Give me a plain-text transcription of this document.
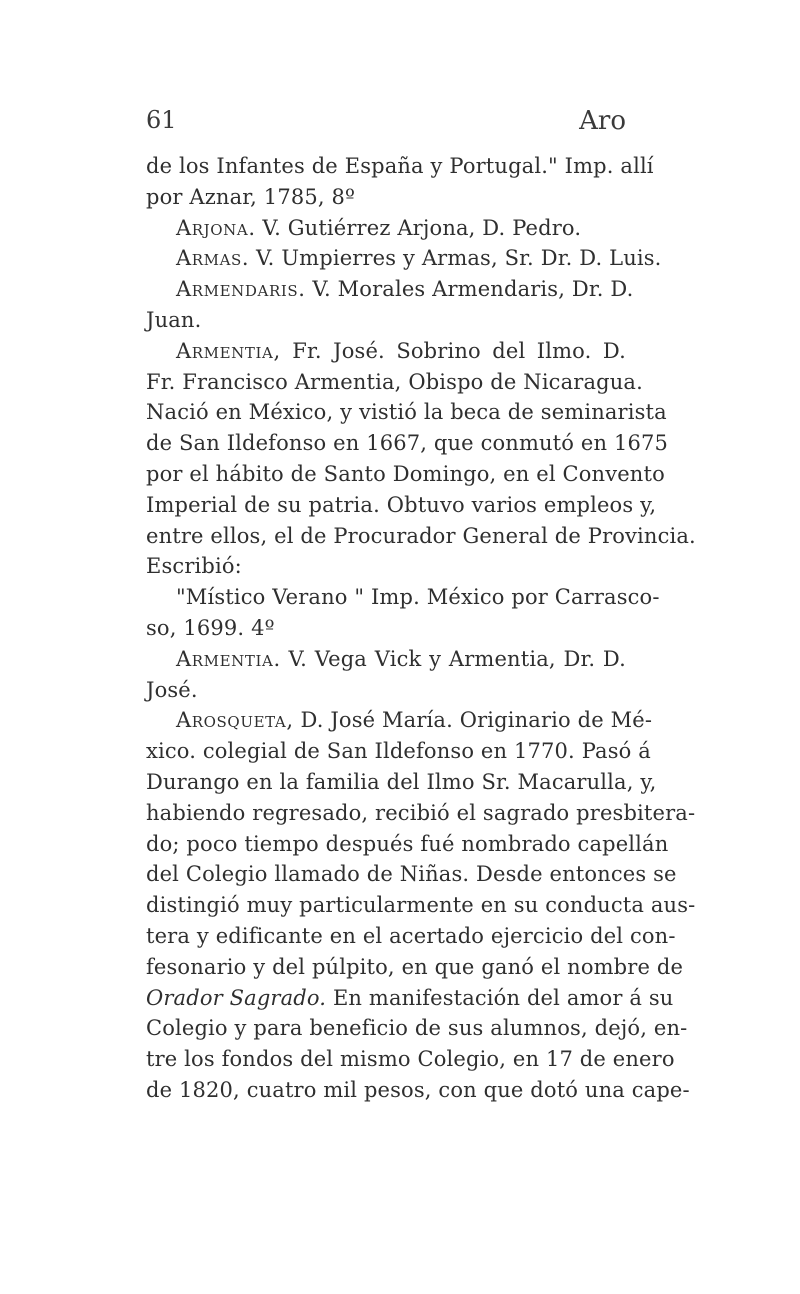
61	Aro
de los Infantes de España y Portugal." Imp. allí
por Aznar, 1785, 8º
Arjona. V. Gutiérrez Arjona, D. Pedro.
Armas. V. Umpierres y Armas, Sr. Dr. D. Luis.
Armendaris. V. Morales Armendaris, Dr. D.
Juan.
Armentia, Fr. José. Sobrino del Ilmo. D.
Fr. Francisco Armentia, Obispo de Nicaragua.
Nació en México, y vistió la beca de seminarista
de San Ildefonso en 1667, que conmutó en 1675
por el hábito de Santo Domingo, en el Convento
Imperial de su patria. Obtuvo varios empleos y,
entre ellos, el de Procurador General de Provincia.
Escribió:
"Místico Verano " Imp. México por Carrasco-
so, 1699. 4º
Armentia. V. Vega Vick y Armentia, Dr. D.
José.
Arosqueta, D. José María. Originario de Mé-
xico. colegial de San Ildefonso en 1770. Pasó á
Durango en la familia del Ilmo Sr. Macarulla, y,
habiendo regresado, recibió el sagrado presbitera-
do; poco tiempo después fué nombrado capellán
del Colegio llamado de Niñas. Desde entonces se
distingió muy particularmente en su conducta aus-
tera y edificante en el acertado ejercicio del con-
fesonario y del púlpito, en que ganó el nombre de
Orador Sagrado. En manifestación del amor á su
Colegio y para beneficio de sus alumnos, dejó, en-
tre los fondos del mismo Colegio, en 17 de enero
de 1820, cuatro mil pesos, con que dotó una cape-
